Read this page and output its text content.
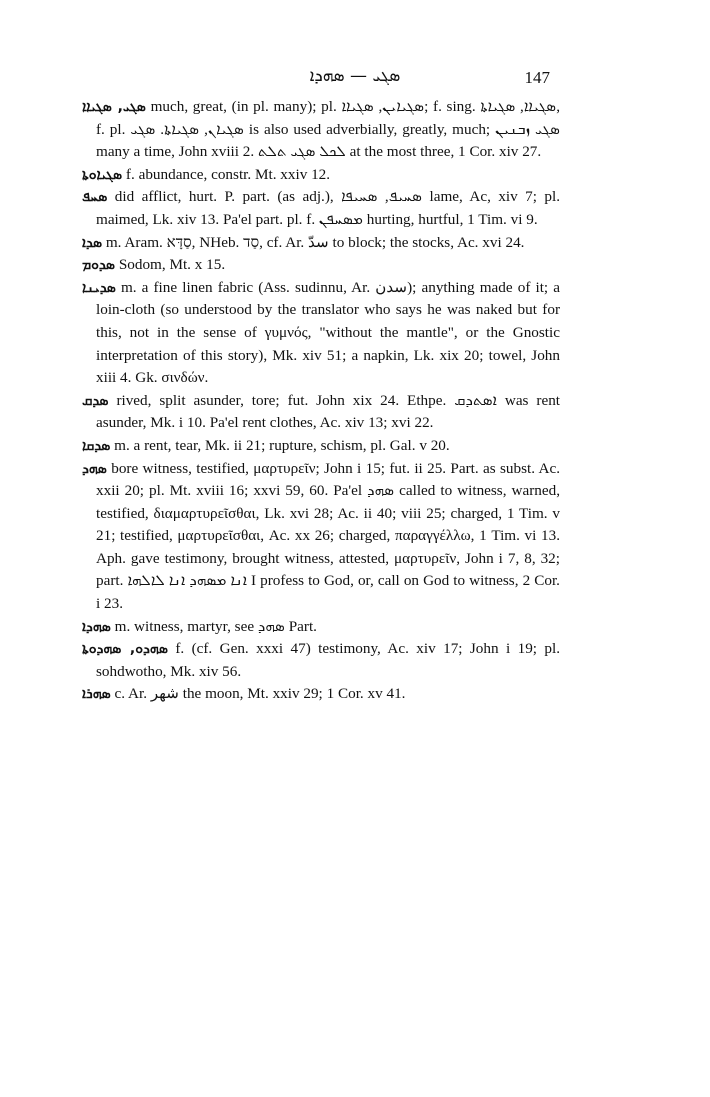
ܣܓܝ — ܣܗܕܐ	147

ܣܓܝ, ܣܓܝܐܐ much, great, (in pl. many); pl. ܣܓܝܐܝܢ, ܣܓܝܐܐ; f. sing. ܣܓܝܐܐ, ܣܓܝܐܬܐ, f. pl. ܣܓܝܐܢ, ܣܓܝܐܬܐ. ܣܓܝ is also used adverbially, greatly, much; ܣܓܝ ܙܒܢܝܢ many a time, John xviii 2. ܠܟܠ ܣܓܝ ܬܠܬ at the most three, 1 Cor. xiv 27.

ܣܓܝܐܘܬܐ f. abundance, constr. Mt. xxiv 12.

ܣܚܦ did afflict, hurt. P. part. (as adj.), ܣܚܝܦ, ܣܚܝܦܐ lame, Ac, xiv 7; pl. maimed, Lk. xiv 13. Pa'el part. pl. f. ܡܣܚܦܢ hurting, hurtful, 1 Tim. vi 9.

ܣܕܐ m. Aram. סַדָּא, NHeb. סַד, cf. Ar. سدّ to block; the stocks, Ac. xvi 24.

ܣܕܘܡ Sodom, Mt. x 15.

ܣܕܝܢܐ m. a fine linen fabric (Ass. sudinnu, Ar. سدن); anything made of it; a loin-cloth (so understood by the translator who says he was naked but for this, not in the sense of γυμνός, "without the mantle", or the Gnostic interpretation of this story), Mk. xiv 51; a napkin, Lk. xix 20; towel, John xiii 4. Gk. σινδών.

ܣܕܩ rived, split asunder, tore; fut. John xix 24. Ethpe. ܐܣܬܕܩ was rent asunder, Mk. i 10. Pa'el rent clothes, Ac. xiv 13; xvi 22.

ܣܕܩܐ m. a rent, tear, Mk. ii 21; rupture, schism, pl. Gal. v 20.

ܣܗܕ bore witness, testified, μαρτυρεῖν; John i 15; fut. ii 25. Part. as subst. Ac. xxii 20; pl. Mt. xviii 16; xxvi 59, 60. Pa'el ܣܗܕ called to witness, warned, testified, διαμαρτυρεῖσθαι, Lk. xvi 28; Ac. ii 40; viii 25; charged, 1 Tim. v 21; testified, μαρτυρεῖσθαι, Ac. xx 26; charged, παραγγέλλω, 1 Tim. vi 13. Aph. gave testimony, brought witness, attested, μαρτυρεῖν, John i 7, 8, 32; part. ܐܢܐ ܡܣܗܕ ܐܢܐ ܠܐܠܗܐ I profess to God, or, call on God to witness, 2 Cor. i 23.

ܣܗܕܐ m. witness, martyr, see ܣܗܕ Part.

ܣܗܕܘ, ܣܗܕܘܬܐ f. (cf. Gen. xxxi 47) testimony, Ac. xiv 17; John i 19; pl. sohdwotho, Mk. xiv 56.

ܣܗܪܐ c. Ar. شهر the moon, Mt. xxiv 29; 1 Cor. xv 41.
